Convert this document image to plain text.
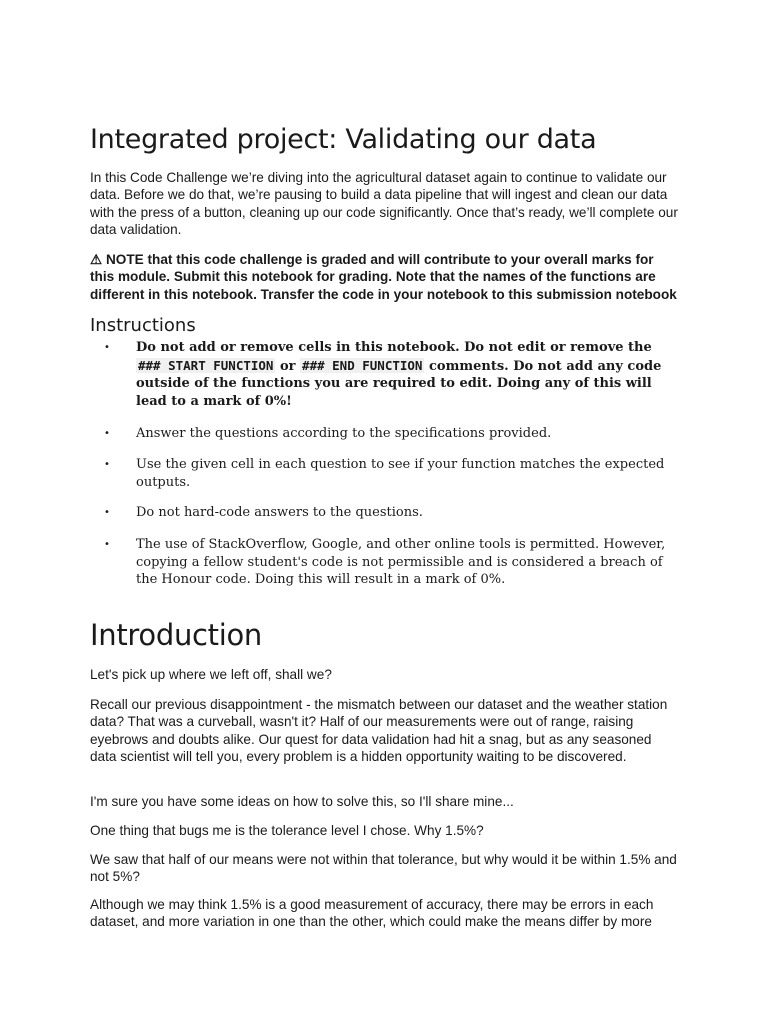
Integrated project: Validating our data

In this Code Challenge we’re diving into the agricultural dataset again to continue to validate our data. Before we do that, we’re pausing to build a data pipeline that will ingest and clean our data with the press of a button, cleaning up our code significantly. Once that’s ready, we’ll complete our data validation.

⚠ NOTE that this code challenge is graded and will contribute to your overall marks for this module. Submit this notebook for grading. Note that the names of the functions are different in this notebook. Transfer the code in your notebook to this submission notebook

Instructions
• Do not add or remove cells in this notebook. Do not edit or remove the ### START FUNCTION or ### END FUNCTION comments. Do not add any code outside of the functions you are required to edit. Doing any of this will lead to a mark of 0%!
• Answer the questions according to the specifications provided.
• Use the given cell in each question to see if your function matches the expected outputs.
• Do not hard-code answers to the questions.
• The use of StackOverflow, Google, and other online tools is permitted. However, copying a fellow student's code is not permissible and is considered a breach of the Honour code. Doing this will result in a mark of 0%.
Introduction

Let's pick up where we left off, shall we?

Recall our previous disappointment - the mismatch between our dataset and the weather station data? That was a curveball, wasn't it? Half of our measurements were out of range, raising eyebrows and doubts alike. Our quest for data validation had hit a snag, but as any seasoned data scientist will tell you, every problem is a hidden opportunity waiting to be discovered.

I'm sure you have some ideas on how to solve this, so I'll share mine...

One thing that bugs me is the tolerance level I chose. Why 1.5%?

We saw that half of our means were not within that tolerance, but why would it be within 1.5% and not 5%?

Although we may think 1.5% is a good measurement of accuracy, there may be errors in each dataset, and more variation in one than the other, which could make the means differ by more
